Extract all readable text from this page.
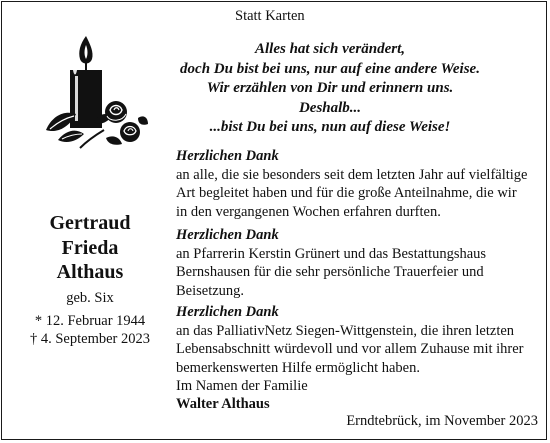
Statt Karten
Alles hat sich verändert,
doch Du bist bei uns, nur auf eine andere Weise.
Wir erzählen von Dir und erinnern uns.
Deshalb...
...bist Du bei uns, nun auf diese Weise!
Gertraud
Frieda
Althaus
geb. Six
* 12. Februar 1944
† 4. September 2023
Herzlichen Dank
an alle, die sie besonders seit dem letzten Jahr auf vielfältige
Art begleitet haben und für die große Anteilnahme, die wir
in den vergangenen Wochen erfahren durften.
Herzlichen Dank
an Pfarrerin Kerstin Grünert und das Bestattungshaus
Bernshausen für die sehr persönliche Trauerfeier und
Beisetzung.
Herzlichen Dank
an das PalliativNetz Siegen-Wittgenstein, die ihren letzten
Lebensabschnitt würdevoll und vor allem Zuhause mit ihrer
bemerkenswerten Hilfe ermöglicht haben.
Im Namen der Familie
Walter Althaus
Erndtebrück, im November 2023
